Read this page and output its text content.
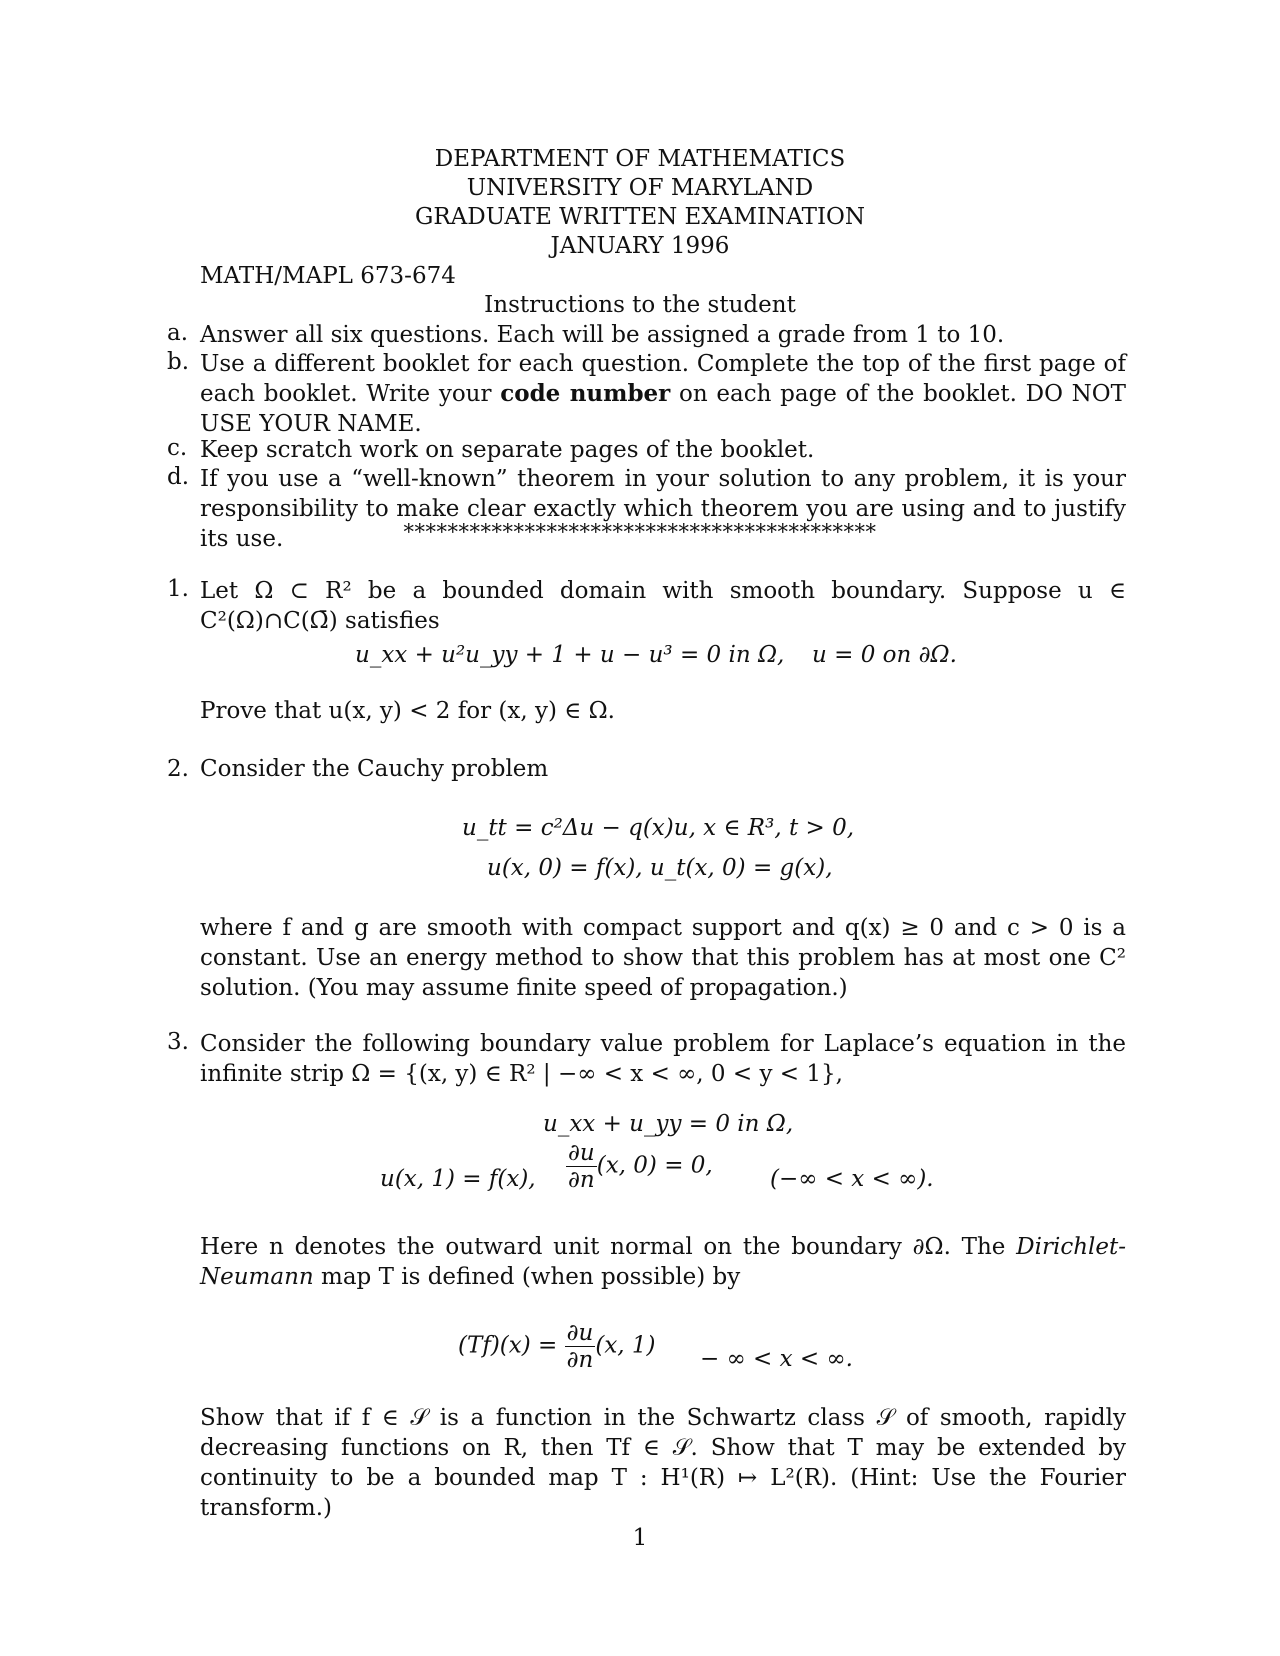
DEPARTMENT OF MATHEMATICS
UNIVERSITY OF MARYLAND
GRADUATE WRITTEN EXAMINATION
JANUARY 1996
MATH/MAPL 673-674
Instructions to the student
a. Answer all six questions. Each will be assigned a grade from 1 to 10.
b. Use a different booklet for each question. Complete the top of the first page of each booklet. Write your code number on each page of the booklet. DO NOT USE YOUR NAME.
c. Keep scratch work on separate pages of the booklet.
d. If you use a “well-known” theorem in your solution to any problem, it is your responsibility to make clear exactly which theorem you are using and to justify its use.	*******************************************
1. Let Ω ⊂ R² be a bounded domain with smooth boundary. Suppose u ∈ C²(Ω)∩C(Ω̄) satisfies
u_xx + u²u_yy + 1 + u − u³ = 0 in Ω, u = 0 on ∂Ω.
Prove that u(x, y) < 2 for (x, y) ∈ Ω.
2. Consider the Cauchy problem
u_tt = c²Δu − q(x)u, x ∈ R³, t > 0,
u(x, 0) = f(x), u_t(x, 0) = g(x),
where f and g are smooth with compact support and q(x) ≥ 0 and c > 0 is a constant. Use an energy method to show that this problem has at most one C² solution. (You may assume finite speed of propagation.)
3. Consider the following boundary value problem for Laplace’s equation in the infinite strip Ω = {(x, y) ∈ R² | −∞ < x < ∞, 0 < y < 1},
u_xx + u_yy = 0 in Ω,
u(x, 1) = f(x), $\frac{\partial u}{\partial n} (x$, 0) = 0,
(−∞ < x < ∞).
Here n denotes the outward unit normal on the boundary ∂Ω. The Dirichlet-Neumann map T is defined (when possible) by
$(Tf)(x) = \frac{\partial u}{\partial n} (x$, 1)
− ∞ < x < ∞.
Show that if f ∈ 𝒮 is a function in the Schwartz class 𝒮 of smooth, rapidly decreasing functions on R, then Tf ∈ 𝒮. Show that T may be extended by continuity to be a bounded map T : H¹(R) ↦ L²(R). (Hint: Use the Fourier transform.)
1
